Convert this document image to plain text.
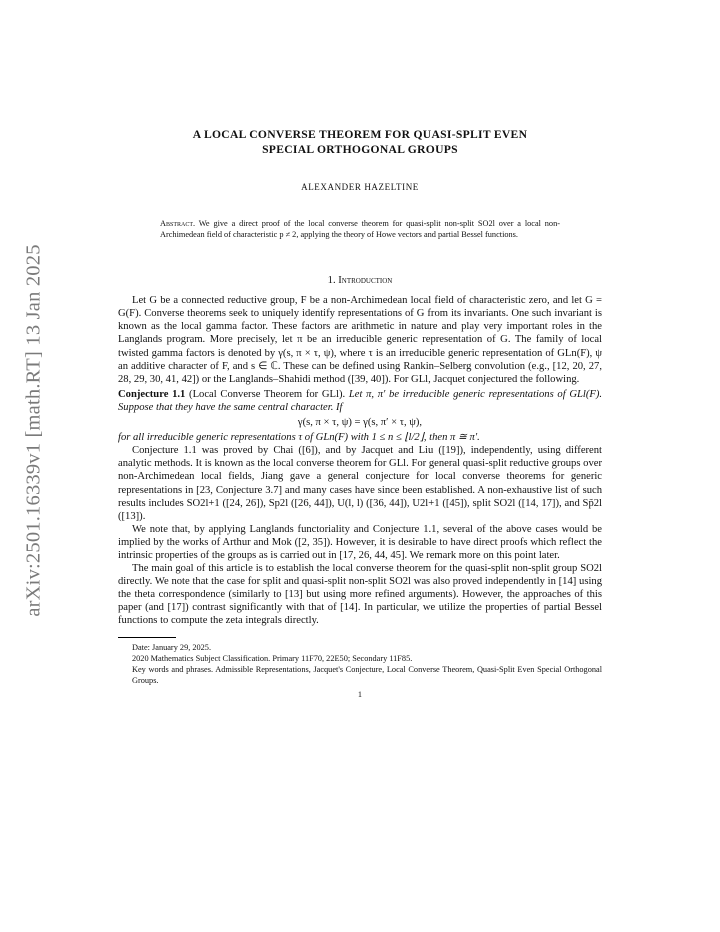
arXiv:2501.16339v1 [math.RT] 13 Jan 2025
A LOCAL CONVERSE THEOREM FOR QUASI-SPLIT EVEN
SPECIAL ORTHOGONAL GROUPS
ALEXANDER HAZELTINE
Abstract. We give a direct proof of the local converse theorem for quasi-split non-split SO2l over a local non-Archimedean field of characteristic p ≠ 2, applying the theory of Howe vectors and partial Bessel functions.
1. Introduction

Let G be a connected reductive group, F be a non-Archimedean local field of characteristic zero, and let G = G(F). Converse theorems seek to uniquely identify representations of G from its invariants. One such invariant is known as the local gamma factor. These factors are arithmetic in nature and play very important roles in the Langlands program. More precisely, let π be an irreducible generic representation of G. The family of local twisted gamma factors is denoted by γ(s, π × τ, ψ), where τ is an irreducible generic representation of GLn(F), ψ an additive character of F, and s ∈ ℂ. These can be defined using Rankin–Selberg convolution (e.g., [12, 20, 27, 28, 29, 30, 41, 42]) or the Langlands–Shahidi method ([39, 40]). For GLl, Jacquet conjectured the following.

Conjecture 1.1 (Local Converse Theorem for GLl). Let π, π′ be irreducible generic representations of GLl(F). Suppose that they have the same central character. If

γ(s, π × τ, ψ) = γ(s, π′ × τ, ψ),

for all irreducible generic representations τ of GLn(F) with 1 ≤ n ≤ ⌊l/2⌋, then π ≅ π′.

Conjecture 1.1 was proved by Chai ([6]), and by Jacquet and Liu ([19]), independently, using different analytic methods. It is known as the local converse theorem for GLl. For general quasi-split reductive groups over non-Archimedean local fields, Jiang gave a general conjecture for local converse theorems for generic representations in [23, Conjecture 3.7] and many cases have since been established. A non-exhaustive list of such results includes SO2l+1 ([24, 26]), Sp2l ([26, 44]), U(l, l) ([36, 44]), U2l+1 ([45]), split SO2l ([14, 17]), and Sp̃2l ([13]).

We note that, by applying Langlands functoriality and Conjecture 1.1, several of the above cases would be implied by the works of Arthur and Mok ([2, 35]). However, it is desirable to have direct proofs which reflect the intrinsic properties of the groups as is carried out in [17, 26, 44, 45]. We remark more on this point later.

The main goal of this article is to establish the local converse theorem for the quasi-split non-split group SO2l directly. We note that the case for split and quasi-split non-split SO2l was also proved independently in [14] using the theta correspondence (similarly to [13] but using more refined arguments). However, the approaches of this paper (and [17]) contrast significantly with that of [14]. In particular, we utilize the properties of partial Bessel functions to compute the zeta integrals directly.

Date: January 29, 2025.
2020 Mathematics Subject Classification. Primary 11F70, 22E50; Secondary 11F85.
Key words and phrases. Admissible Representations, Jacquet's Conjecture, Local Converse Theorem, Quasi-Split Even Special Orthogonal Groups.
1
